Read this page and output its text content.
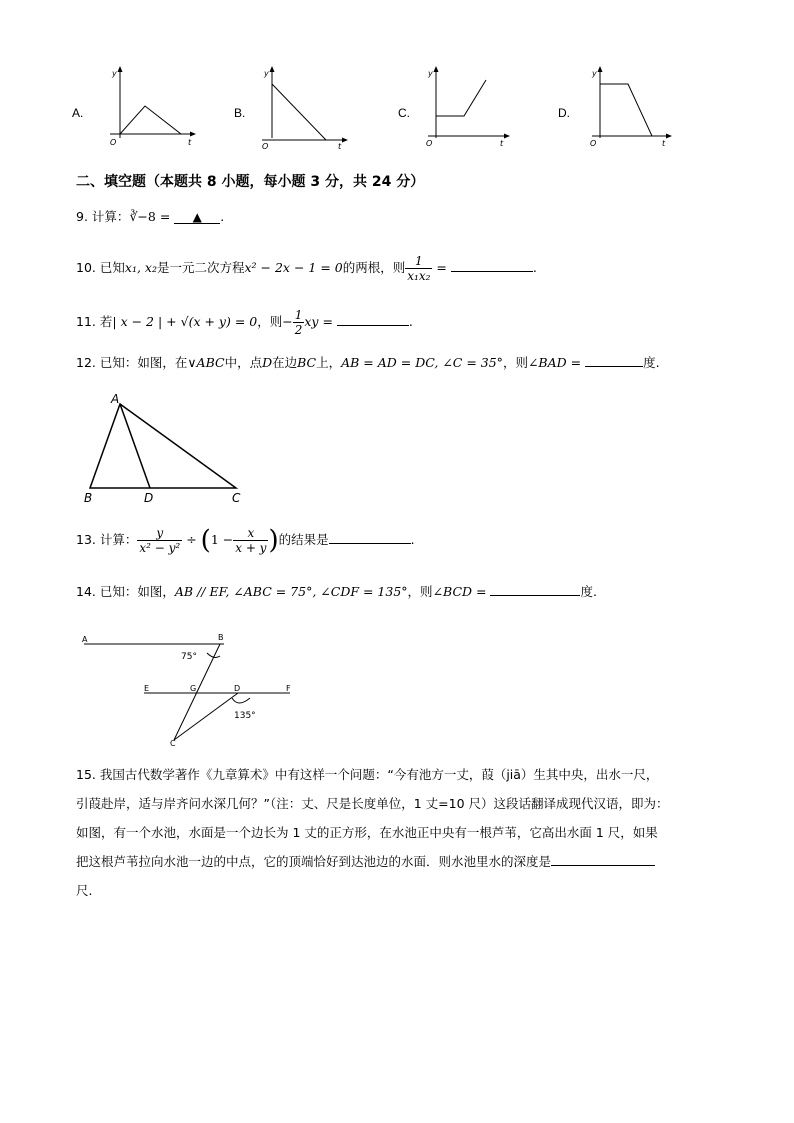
A.
y
t
O
B.
y
t
O
C.
y
t
O
D.
y
t
O
二、填空题（本题共 8 小题，每小题 3 分，共 24 分）
9. 计算：∛−8 = ▲ .
10. 已知x₁, x₂是一元二次方程x² − 2x − 1 = 0的两根，则 $\frac{1}{\text{x₁x₂}}$ =	.
11. 若| x − 2 | + √(x + y) = 0，则− $\frac{1}{2}$ xy =	.
12. 已知：如图，在∨ABC中，点D在边BC上，AB = AD = DC, ∠C = 35°，则∠BAD =	度.
A
B	D	C
13. 计算： $\frac{y}{\text{x² − y²}} \div (1 - \frac{x}{x + y}$ )的结果是	.
14. 已知：如图，AB // EF, ∠ABC = 75°, ∠CDF = 135°，则∠BCD =	度.
A	B
75°
E	G	D	F
135°
C
15. 我国古代数学著作《九章算术》中有这样一个问题：“今有池方一丈，葭（jiā）生其中央，出水一尺，
引葭赴岸，适与岸齐问水深几何？”（注：丈、尺是长度单位，1 丈=10 尺）这段话翻译成现代汉语，即为：
如图，有一个水池，水面是一个边长为 1 丈的正方形，在水池正中央有一根芦苇，它高出水面 1 尺，如果
把这根芦苇拉向水池一边的中点，它的顶端恰好到达池边的水面．则水池里水的深度是
尺.
